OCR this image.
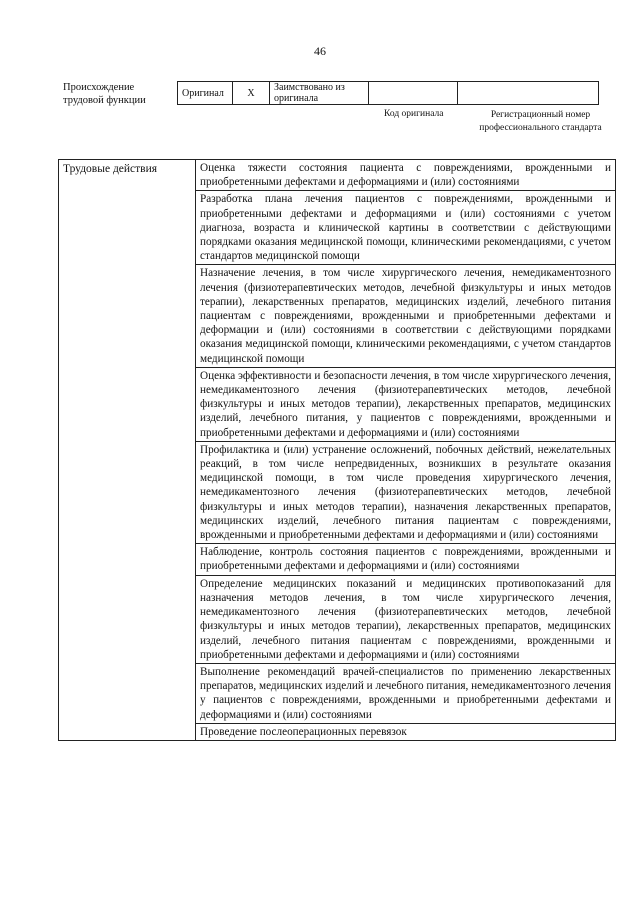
46
Происхождение трудовой функции
Оригинал	X	Заимствовано из оригинала		
Код оригинала	Регистрационный номер профессионального стандарта
Трудовые действия	Оценка тяжести состояния пациента с повреждениями, врожденными и приобретенными дефектами и деформациями и (или) состояниями
Разработка плана лечения пациентов с повреждениями, врожденными и приобретенными дефектами и деформациями и (или) состояниями с учетом диагноза, возраста и клинической картины в соответствии с действующими порядками оказания медицинской помощи, клиническими рекомендациями, с учетом стандартов медицинской помощи
Назначение лечения, в том числе хирургического лечения, немедикаментозного лечения (физиотерапевтических методов, лечебной физкультуры и иных методов терапии), лекарственных препаратов, медицинских изделий, лечебного питания пациентам с повреждениями, врожденными и приобретенными дефектами и деформации и (или) состояниями в соответствии с действующими порядками оказания медицинской помощи, клиническими рекомендациями, с учетом стандартов медицинской помощи
Оценка эффективности и безопасности лечения, в том числе хирургического лечения, немедикаментозного лечения (физиотерапевтических методов, лечебной физкультуры и иных методов терапии), лекарственных препаратов, медицинских изделий, лечебного питания, у пациентов с повреждениями, врожденными и приобретенными дефектами и деформациями и (или) состояниями
Профилактика и (или) устранение осложнений, побочных действий, нежелательных реакций, в том числе непредвиденных, возникших в результате оказания медицинской помощи, в том числе проведения хирургического лечения, немедикаментозного лечения (физиотерапевтических методов, лечебной физкультуры и иных методов терапии), назначения лекарственных препаратов, медицинских изделий, лечебного питания пациентам с повреждениями, врожденными и приобретенными дефектами и деформациями и (или) состояниями
Наблюдение, контроль состояния пациентов с повреждениями, врожденными и приобретенными дефектами и деформациями и (или) состояниями
Определение медицинских показаний и медицинских противопоказаний для назначения методов лечения, в том числе хирургического лечения, немедикаментозного лечения (физиотерапевтических методов, лечебной физкультуры и иных методов терапии), лекарственных препаратов, медицинских изделий, лечебного питания пациентам с повреждениями, врожденными и приобретенными дефектами и деформациями и (или) состояниями
Выполнение рекомендаций врачей-специалистов по применению лекарственных препаратов, медицинских изделий и лечебного питания, немедикаментозного лечения у пациентов с повреждениями, врожденными и приобретенными дефектами и деформациями и (или) состояниями
Проведение послеоперационных перевязок
